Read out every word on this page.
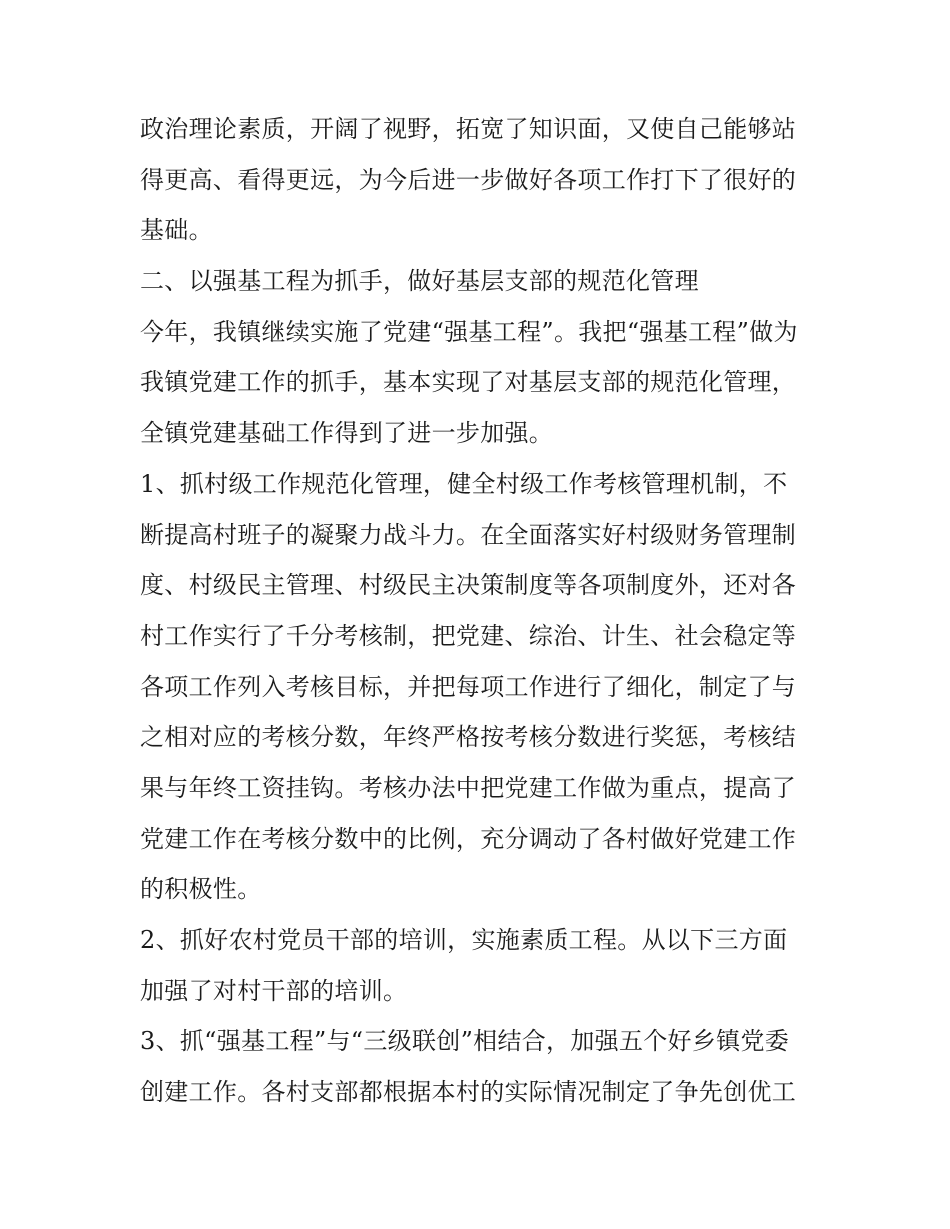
政治理论素质，开阔了视野，拓宽了知识面，又使自己能够站
得更高、看得更远，为今后进一步做好各项工作打下了很好的
基础。
二、以强基工程为抓手，做好基层支部的规范化管理
今年，我镇继续实施了党建“强基工程”。我把“强基工程”做为
我镇党建工作的抓手，基本实现了对基层支部的规范化管理，
全镇党建基础工作得到了进一步加强。
1、抓村级工作规范化管理，健全村级工作考核管理机制，不
断提高村班子的凝聚力战斗力。在全面落实好村级财务管理制
度、村级民主管理、村级民主决策制度等各项制度外，还对各
村工作实行了千分考核制，把党建、综治、计生、社会稳定等
各项工作列入考核目标，并把每项工作进行了细化，制定了与
之相对应的考核分数，年终严格按考核分数进行奖惩，考核结
果与年终工资挂钩。考核办法中把党建工作做为重点，提高了
党建工作在考核分数中的比例，充分调动了各村做好党建工作
的积极性。
2、抓好农村党员干部的培训，实施素质工程。从以下三方面
加强了对村干部的培训。
3、抓“强基工程”与“三级联创”相结合，加强五个好乡镇党委
创建工作。各村支部都根据本村的实际情况制定了争先创优工
